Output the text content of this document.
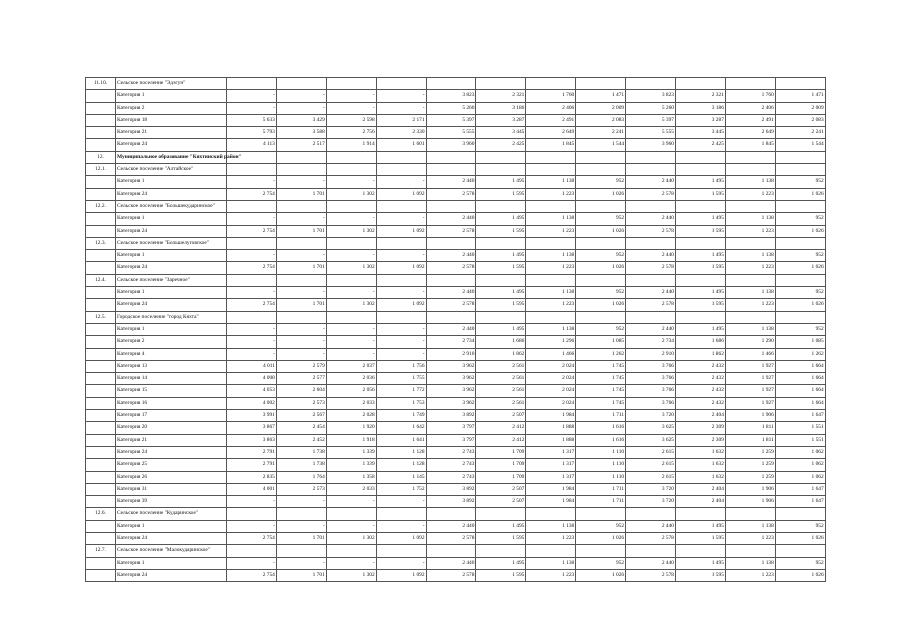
11.10.	Сельское поселение "Эдэгун"												
	Категория 1	-	-	-	-	3 823	2 321	1 760	1 471	3 823	2 321	1 760	1 471
	Категория 2	-	-	-	-	5 260	3 186	2 406	2 009	5 260	3 186	2 406	2 009
	Категория 18	5 633	3 429	2 598	2 171	5 397	3 287	2 491	2 083	5 397	3 287	2 491	2 083
	Категория 21	5 793	3 588	2 756	2 330	5 555	3 445	2 649	2 241	5 555	3 445	2 649	2 241
	Категория 24	4 113	2 517	1 914	1 601	3 960	2 425	1 845	1 544	3 960	2 425	1 845	1 544
12.	Муниципальное образование "Кяхтинский район"												
12.1.	Сельское поселение "Алтайское"												
	Категория 1	-	-	-	-	2 440	1 495	1 138	952	2 440	1 495	1 138	952
	Категория 24	2 754	1 701	1 302	1 092	2 578	1 595	1 223	1 026	2 578	1 595	1 223	1 026
12.2.	Сельское поселение "Большекударинское"												
	Категория 1	-	-	-	-	2 440	1 495	1 138	952	2 440	1 495	1 138	952
	Категория 24	2 754	1 701	1 302	1 092	2 578	1 595	1 223	1 026	2 578	1 595	1 223	1 026
12.3.	Сельское поселение "Большелуговское"												
	Категория 1	-	-	-	-	2 440	1 495	1 138	952	2 440	1 495	1 138	952
	Категория 24	2 754	1 701	1 302	1 092	2 578	1 595	1 223	1 026	2 578	1 595	1 223	1 026
12.4.	Сельское поселение "Заречное"												
	Категория 1	-	-	-	-	2 440	1 495	1 138	952	2 440	1 495	1 138	952
	Категория 24	2 754	1 701	1 302	1 092	2 578	1 595	1 223	1 026	2 578	1 595	1 223	1 026
12.5.	Городское поселение "город Кяхта"												
	Категория 1	-	-	-	-	2 440	1 495	1 138	952	2 440	1 495	1 138	952
	Категория 2	-	-	-	-	2 734	1 686	1 296	1 085	2 734	1 686	1 290	1 085
	Категория 4	-	-	-	-	2 910	1 862	1 466	1 262	2 910	1 862	1 466	1 262
	Категория 13	4 011	2 579	2 037	1 756	3 962	2 561	2 024	1 745	3 766	2 432	1 927	1 664
	Категория 14	4 008	2 577	2 036	1 755	3 962	2 561	2 024	1 745	3 766	2 432	1 927	1 664
	Категория 15	4 053	2 604	2 056	1 772	3 962	2 561	2 024	1 745	3 766	2 432	1 927	1 664
	Категория 16	4 002	2 573	2 033	1 753	3 962	2 561	2 024	1 745	3 766	2 432	1 927	1 664
	Категория 17	3 991	2 567	2 028	1 749	3 892	2 507	1 984	1 711	3 720	2 404	1 906	1 647
	Категория 20	3 867	2 454	1 920	1 642	3 797	2 412	1 888	1 616	3 625	2 309	1 811	1 551
	Категория 21	3 863	2 452	1 918	1 641	3 797	2 412	1 888	1 616	3 625	2 309	1 811	1 551
	Категория 24	2 791	1 738	1 339	1 128	2 743	1 709	1 317	1 110	2 615	1 632	1 259	1 062
	Категория 25	2 791	1 738	1 339	1 128	2 743	1 709	1 317	1 110	2 615	1 632	1 259	1 062
	Категория 26	2 835	1 764	1 358	1 145	2 743	1 709	1 317	1 110	2 615	1 632	1 259	1 062
	Категория 31	4 001	2 573	2 033	1 752	3 892	2 507	1 984	1 711	3 720	2 404	1 906	1 647
	Категория 39	-	-	-	-	3 892	2 507	1 984	1 711	3 720	2 404	1 906	1 647
12.6.	Сельское поселение "Кударинское"												
	Категория 1	-	-	-	-	2 440	1 495	1 138	952	2 440	1 495	1 138	952
	Категория 24	2 754	1 701	1 302	1 092	2 578	1 595	1 223	1 026	2 578	1 595	1 223	1 026
12.7.	Сельское поселение "Малокударинское"												
	Категория 1	-	-	-	-	2 440	1 495	1 138	952	2 440	1 495	1 138	952
	Категория 24	2 754	1 701	1 302	1 092	2 578	1 595	1 223	1 026	2 578	1 595	1 223	1 026
